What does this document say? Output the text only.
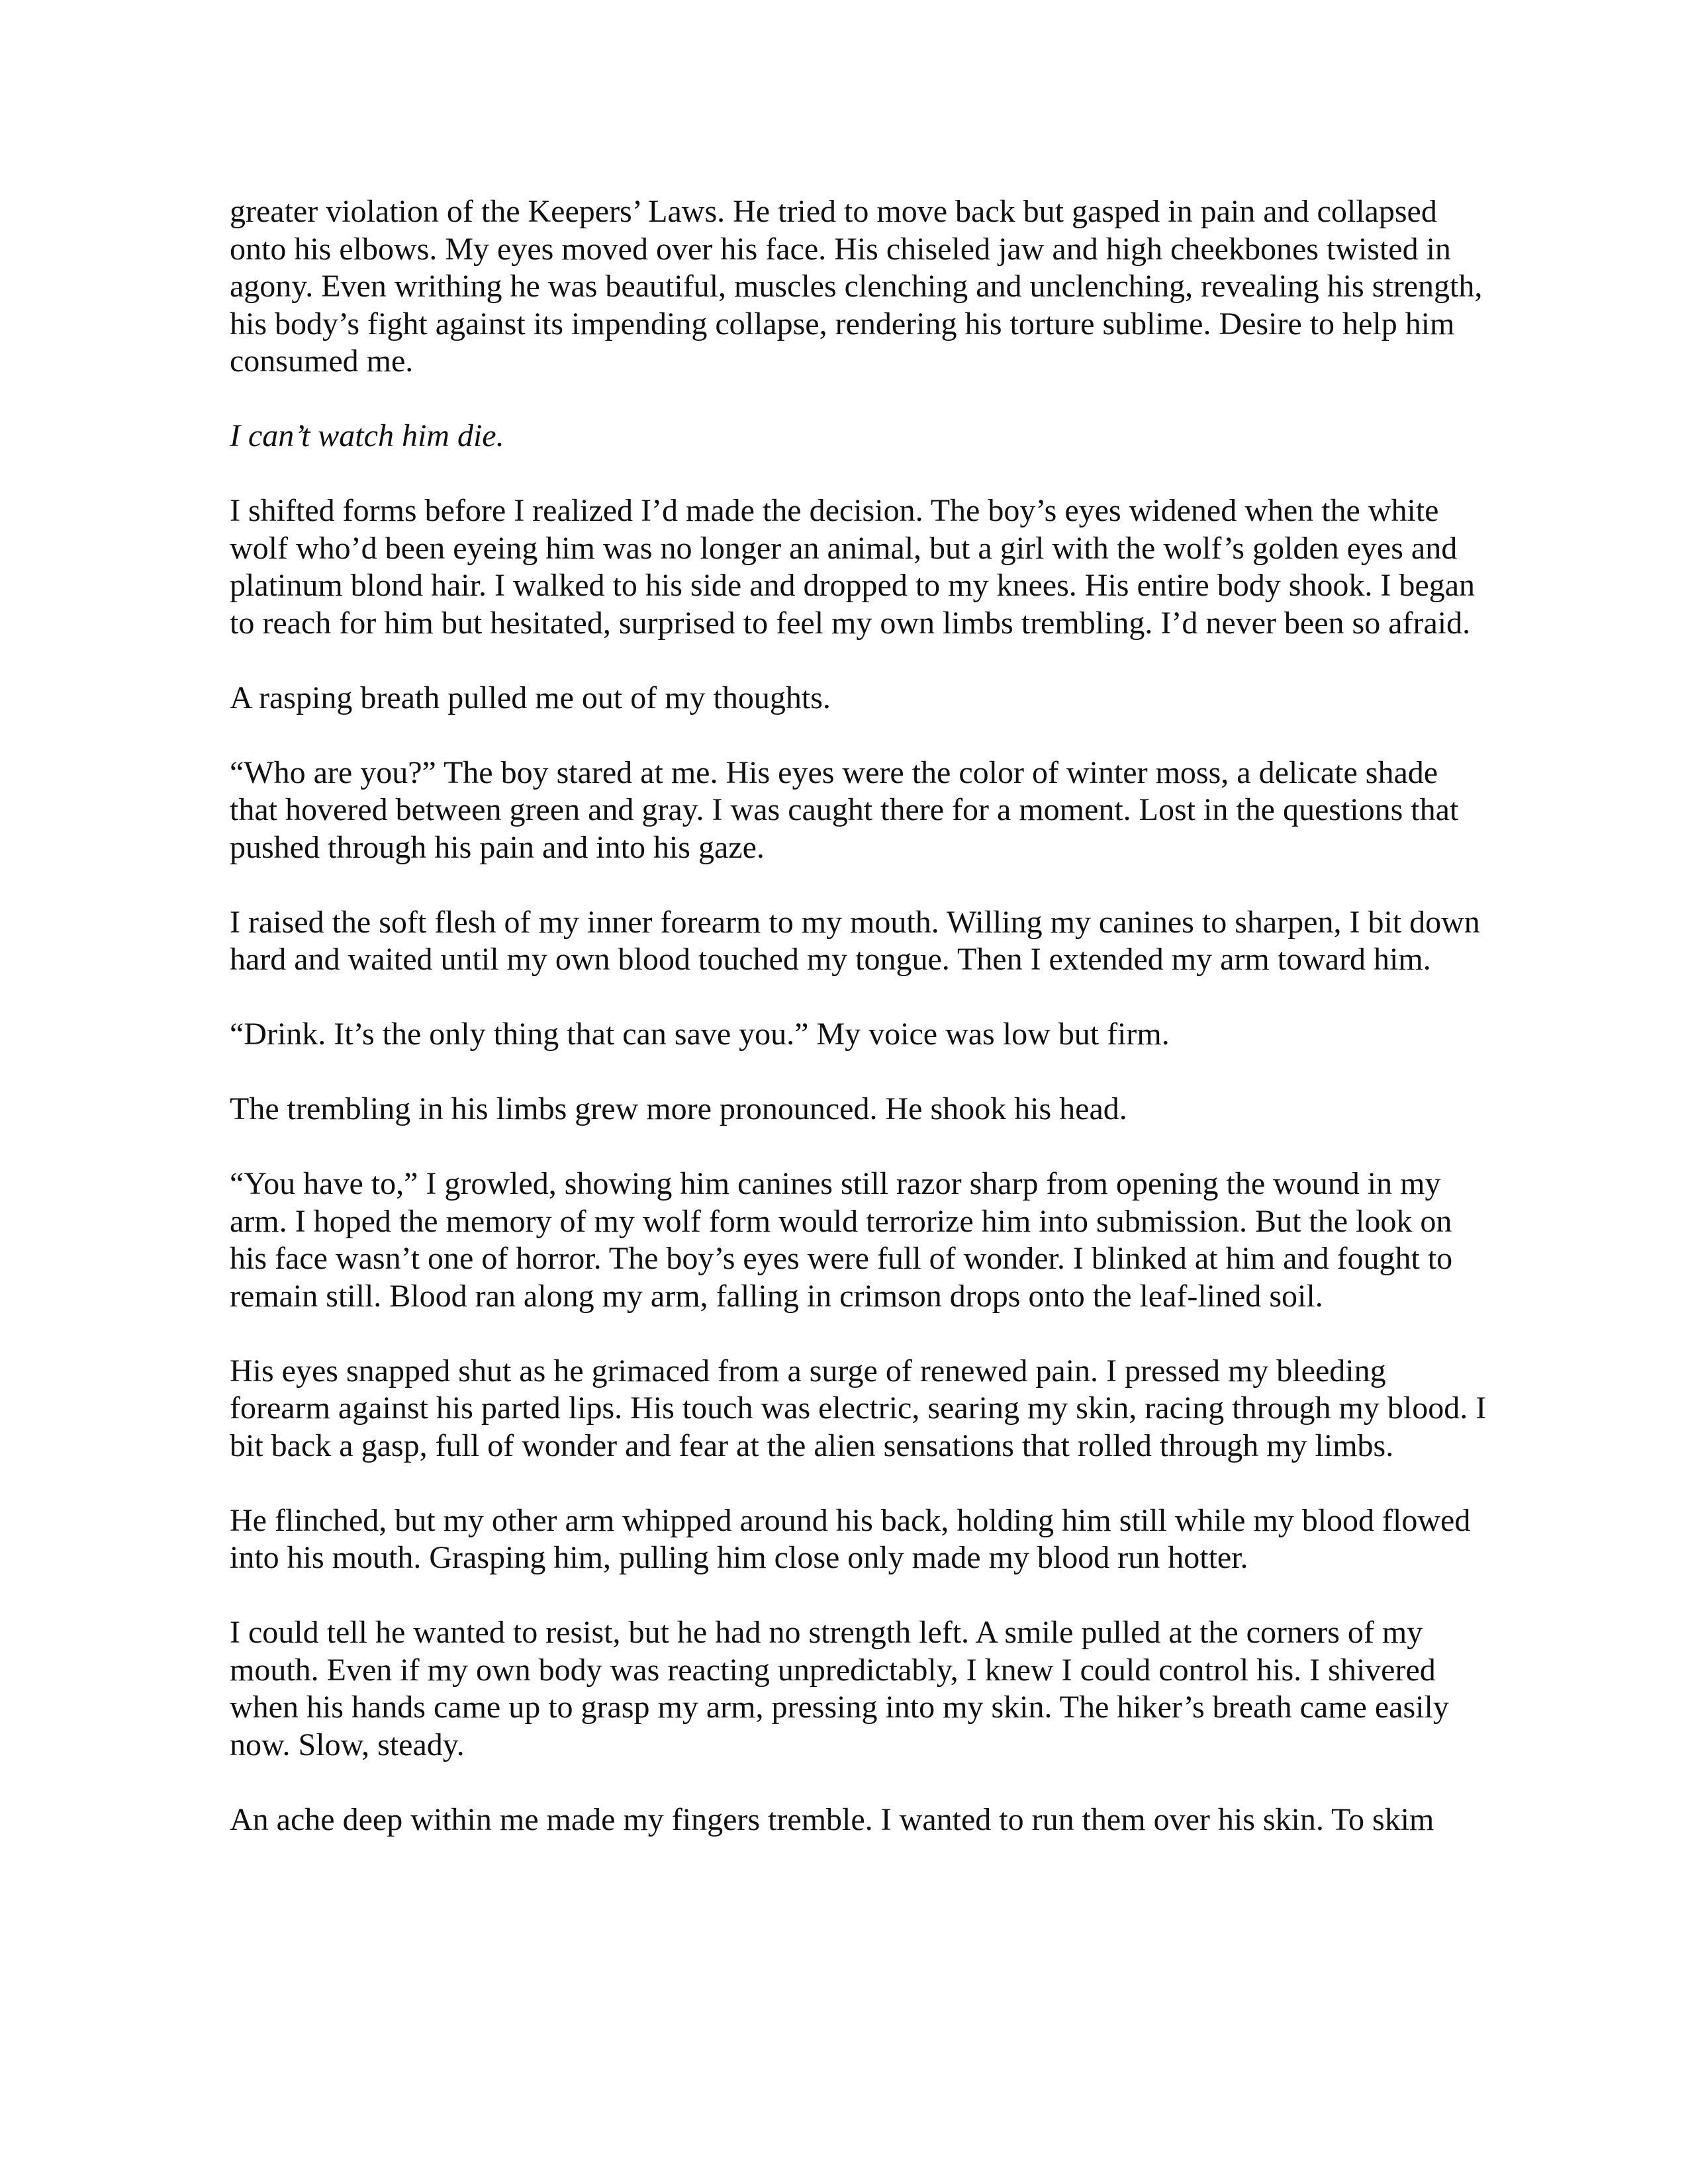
greater violation of the Keepers’ Laws. He tried to move back but gasped in pain and collapsed onto his elbows. My eyes moved over his face. His chiseled jaw and high cheekbones twisted in agony. Even writhing he was beautiful, muscles clenching and unclenching, revealing his strength, his body’s fight against its impending collapse, rendering his torture sublime. Desire to help him consumed me.

I can’t watch him die.

I shifted forms before I realized I’d made the decision. The boy’s eyes widened when the white wolf who’d been eyeing him was no longer an animal, but a girl with the wolf’s golden eyes and platinum blond hair. I walked to his side and dropped to my knees. His entire body shook. I began to reach for him but hesitated, surprised to feel my own limbs trembling. I’d never been so afraid.

A rasping breath pulled me out of my thoughts.

“Who are you?” The boy stared at me. His eyes were the color of winter moss, a delicate shade that hovered between green and gray. I was caught there for a moment. Lost in the questions that pushed through his pain and into his gaze.

I raised the soft flesh of my inner forearm to my mouth. Willing my canines to sharpen, I bit down hard and waited until my own blood touched my tongue. Then I extended my arm toward him.

“Drink. It’s the only thing that can save you.” My voice was low but firm.

The trembling in his limbs grew more pronounced. He shook his head.

“You have to,” I growled, showing him canines still razor sharp from opening the wound in my arm. I hoped the memory of my wolf form would terrorize him into submission. But the look on his face wasn’t one of horror. The boy’s eyes were full of wonder. I blinked at him and fought to remain still. Blood ran along my arm, falling in crimson drops onto the leaf-lined soil.

His eyes snapped shut as he grimaced from a surge of renewed pain. I pressed my bleeding forearm against his parted lips. His touch was electric, searing my skin, racing through my blood. I bit back a gasp, full of wonder and fear at the alien sensations that rolled through my limbs.

He flinched, but my other arm whipped around his back, holding him still while my blood flowed into his mouth. Grasping him, pulling him close only made my blood run hotter.

I could tell he wanted to resist, but he had no strength left. A smile pulled at the corners of my mouth. Even if my own body was reacting unpredictably, I knew I could control his. I shivered when his hands came up to grasp my arm, pressing into my skin. The hiker’s breath came easily now. Slow, steady.

An ache deep within me made my fingers tremble. I wanted to run them over his skin. To skim
